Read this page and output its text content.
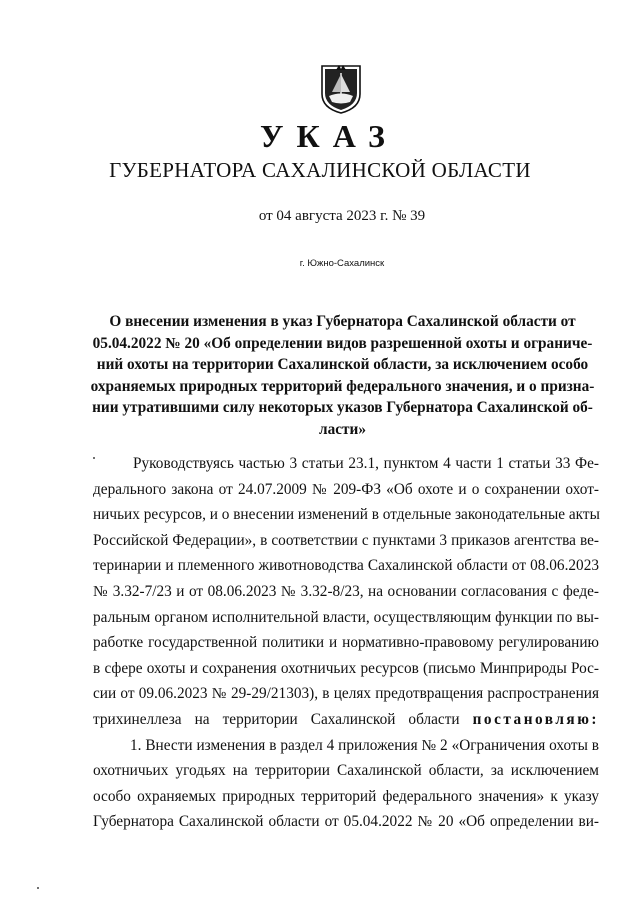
УКАЗ
ГУБЕРНАТОРА САХАЛИНСКОЙ ОБЛАСТИ
от 04 августа 2023 г. № 39
г. Южно-Сахалинск
О внесении изменения в указ Губернатора Сахалинской области от
05.04.2022 № 20 «Об определении видов разрешенной охоты и ограниче-
ний охоты на территории Сахалинской области, за исключением особо
охраняемых природных территорий федерального значения, и о призна-
нии утратившими силу некоторых указов Губернатора Сахалинской об-
ласти»
Руководствуясь частью 3 статьи 23.1, пунктом 4 части 1 статьи 33 Фе-
дерального закона от 24.07.2009 № 209-ФЗ «Об охоте и о сохранении охот-
ничьих ресурсов, и о внесении изменений в отдельные законодательные акты
Российской Федерации», в соответствии с пунктами 3 приказов агентства ве-
теринарии и племенного животноводства Сахалинской области от 08.06.2023
№ 3.32-7/23 и от 08.06.2023 № 3.32-8/23, на основании согласования с феде-
ральным органом исполнительной власти, осуществляющим функции по вы-
работке государственной политики и нормативно-правовому регулированию
в сфере охоты и сохранения охотничьих ресурсов (письмо Минприроды Рос-
сии от 09.06.2023 № 29-29/21303), в целях предотвращения распространения
трихинеллеза на территории Сахалинской области постановляю:
1. Внести изменения в раздел 4 приложения № 2 «Ограничения охоты в
охотничьих угодьях на территории Сахалинской области, за исключением
особо охраняемых природных территорий федерального значения» к указу
Губернатора Сахалинской области от 05.04.2022 № 20 «Об определении ви-
